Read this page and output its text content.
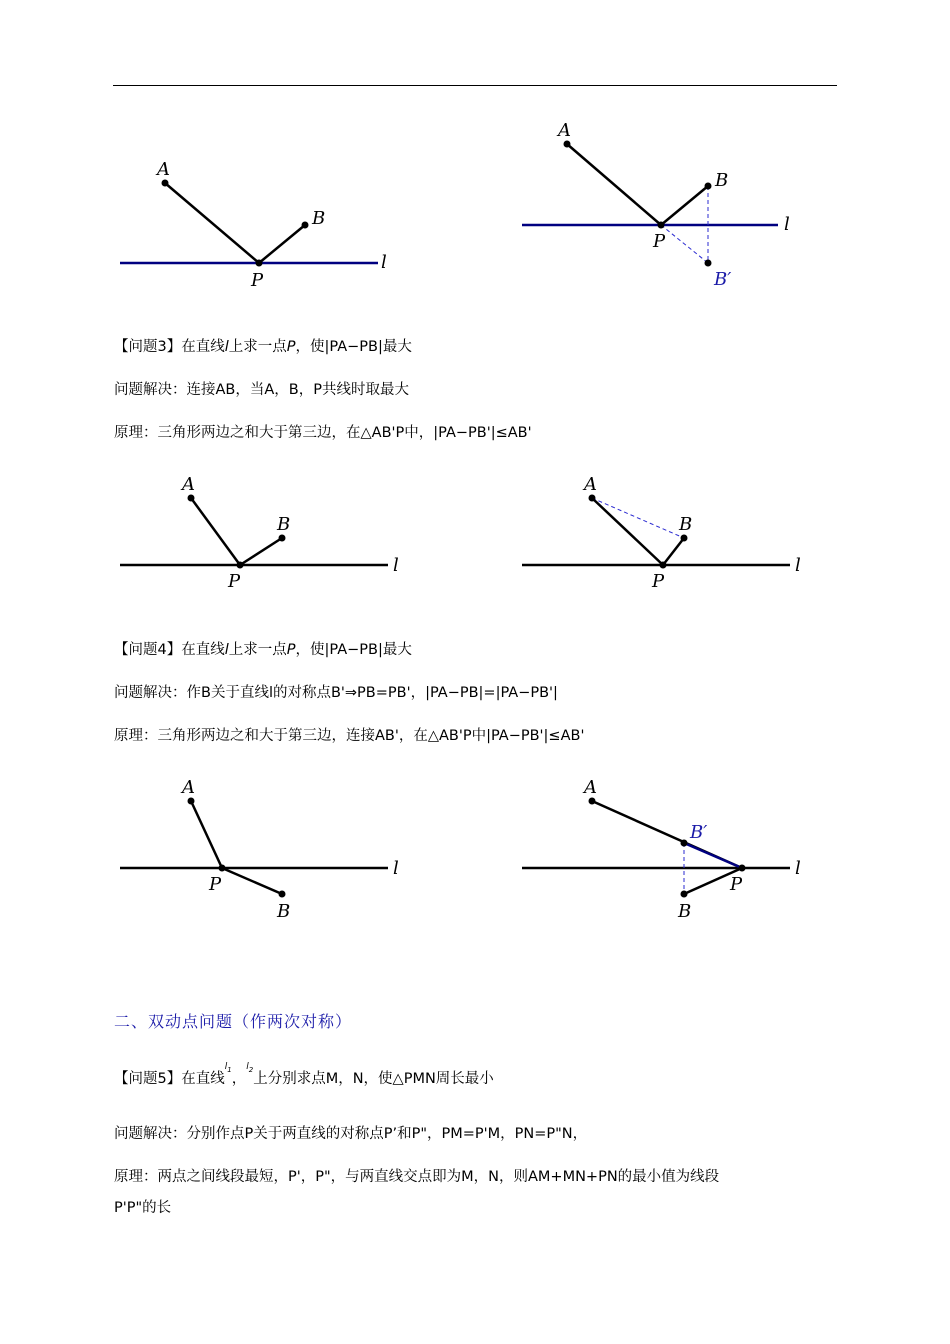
A
B
P
l
A
B
P
B′
l
A
B
P
l
A
B
P
l
A
B
P
l
A
B′
B
P
l
【问题3】在直线l上求一点P，使|PA−PB|最大
问题解决：连接AB，当A，B，P共线时取最大
原理：三角形两边之和大于第三边，在△AB'P中，|PA−PB'|≤AB'
【问题4】在直线l上求一点P，使|PA−PB|最大
问题解决：作B关于直线l的对称点B'⇒PB=PB'，|PA−PB|=|PA−PB'|
原理：三角形两边之和大于第三边，连接AB'，在△AB'P中|PA−PB'|≤AB'
二、双动点问题（作两次对称）
【问题5】在直线$^{l_1}$，$^{l_2}$上分别求点M，N，使△PMN周长最小
问题解决：分别作点P关于两直线的对称点P’和P"，PM=P'M，PN=P"N，
原理：两点之间线段最短，P'，P"，与两直线交点即为M，N，则AM+MN+PN的最小值为线段
P'P"的长
